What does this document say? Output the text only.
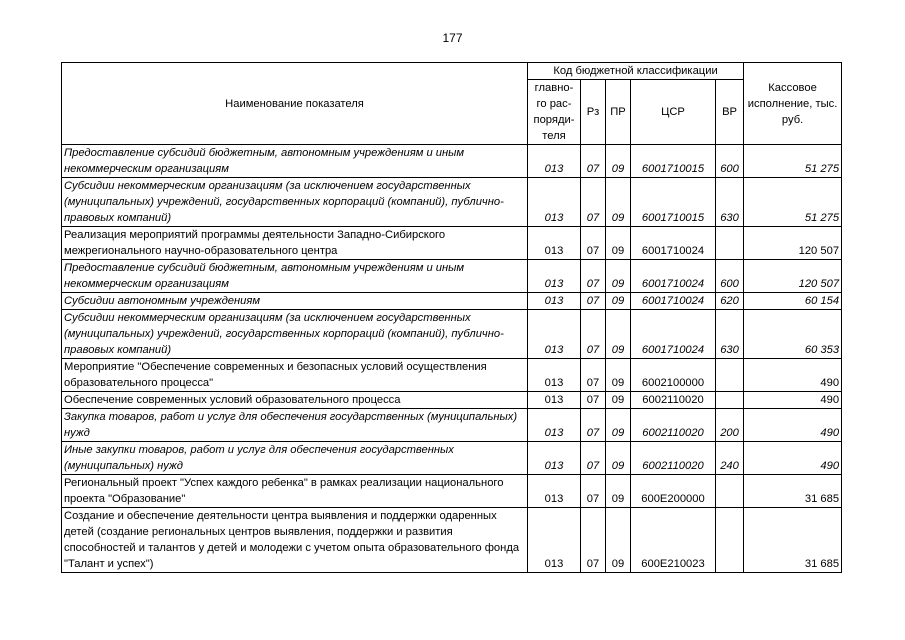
177
Наименование показателя	Код бюджетной классификации					Кассовое исполнение, тыс. руб.
	главно-го рас-поряди-теля	Рз	ПР	ЦСР	ВР	
Предоставление субсидий бюджетным, автономным учреждениям и иным некоммерческим организациям	013	07	09	6001710015	600	51 275
Субсидии некоммерческим организациям (за исключением государственных (муниципальных) учреждений, государственных корпораций (компаний), публично-правовых компаний)	013	07	09	6001710015	630	51 275
Реализация мероприятий программы деятельности Западно-Сибирского межрегионального научно-образовательного центра	013	07	09	6001710024		120 507
Предоставление субсидий бюджетным, автономным учреждениям и иным некоммерческим организациям	013	07	09	6001710024	600	120 507
Субсидии автономным учреждениям	013	07	09	6001710024	620	60 154
Субсидии некоммерческим организациям (за исключением государственных (муниципальных) учреждений, государственных корпораций (компаний), публично-правовых компаний)	013	07	09	6001710024	630	60 353
Мероприятие "Обеспечение современных и безопасных условий осуществления образовательного процесса"	013	07	09	6002100000		490
Обеспечение современных условий образовательного процесса	013	07	09	6002110020		490
Закупка товаров, работ и услуг для обеспечения государственных (муниципальных) нужд	013	07	09	6002110020	200	490
Иные закупки товаров, работ и услуг для обеспечения государственных (муниципальных) нужд	013	07	09	6002110020	240	490
Региональный проект "Успех каждого ребенка" в рамках реализации национального проекта "Образование"	013	07	09	600Е200000		31 685
Создание и обеспечение деятельности центра выявления и поддержки одаренных детей (создание региональных центров выявления, поддержки и развития способностей и талантов у детей и молодежи с учетом опыта образовательного фонда "Талант и успех")	013	07	09	600Е210023		31 685
